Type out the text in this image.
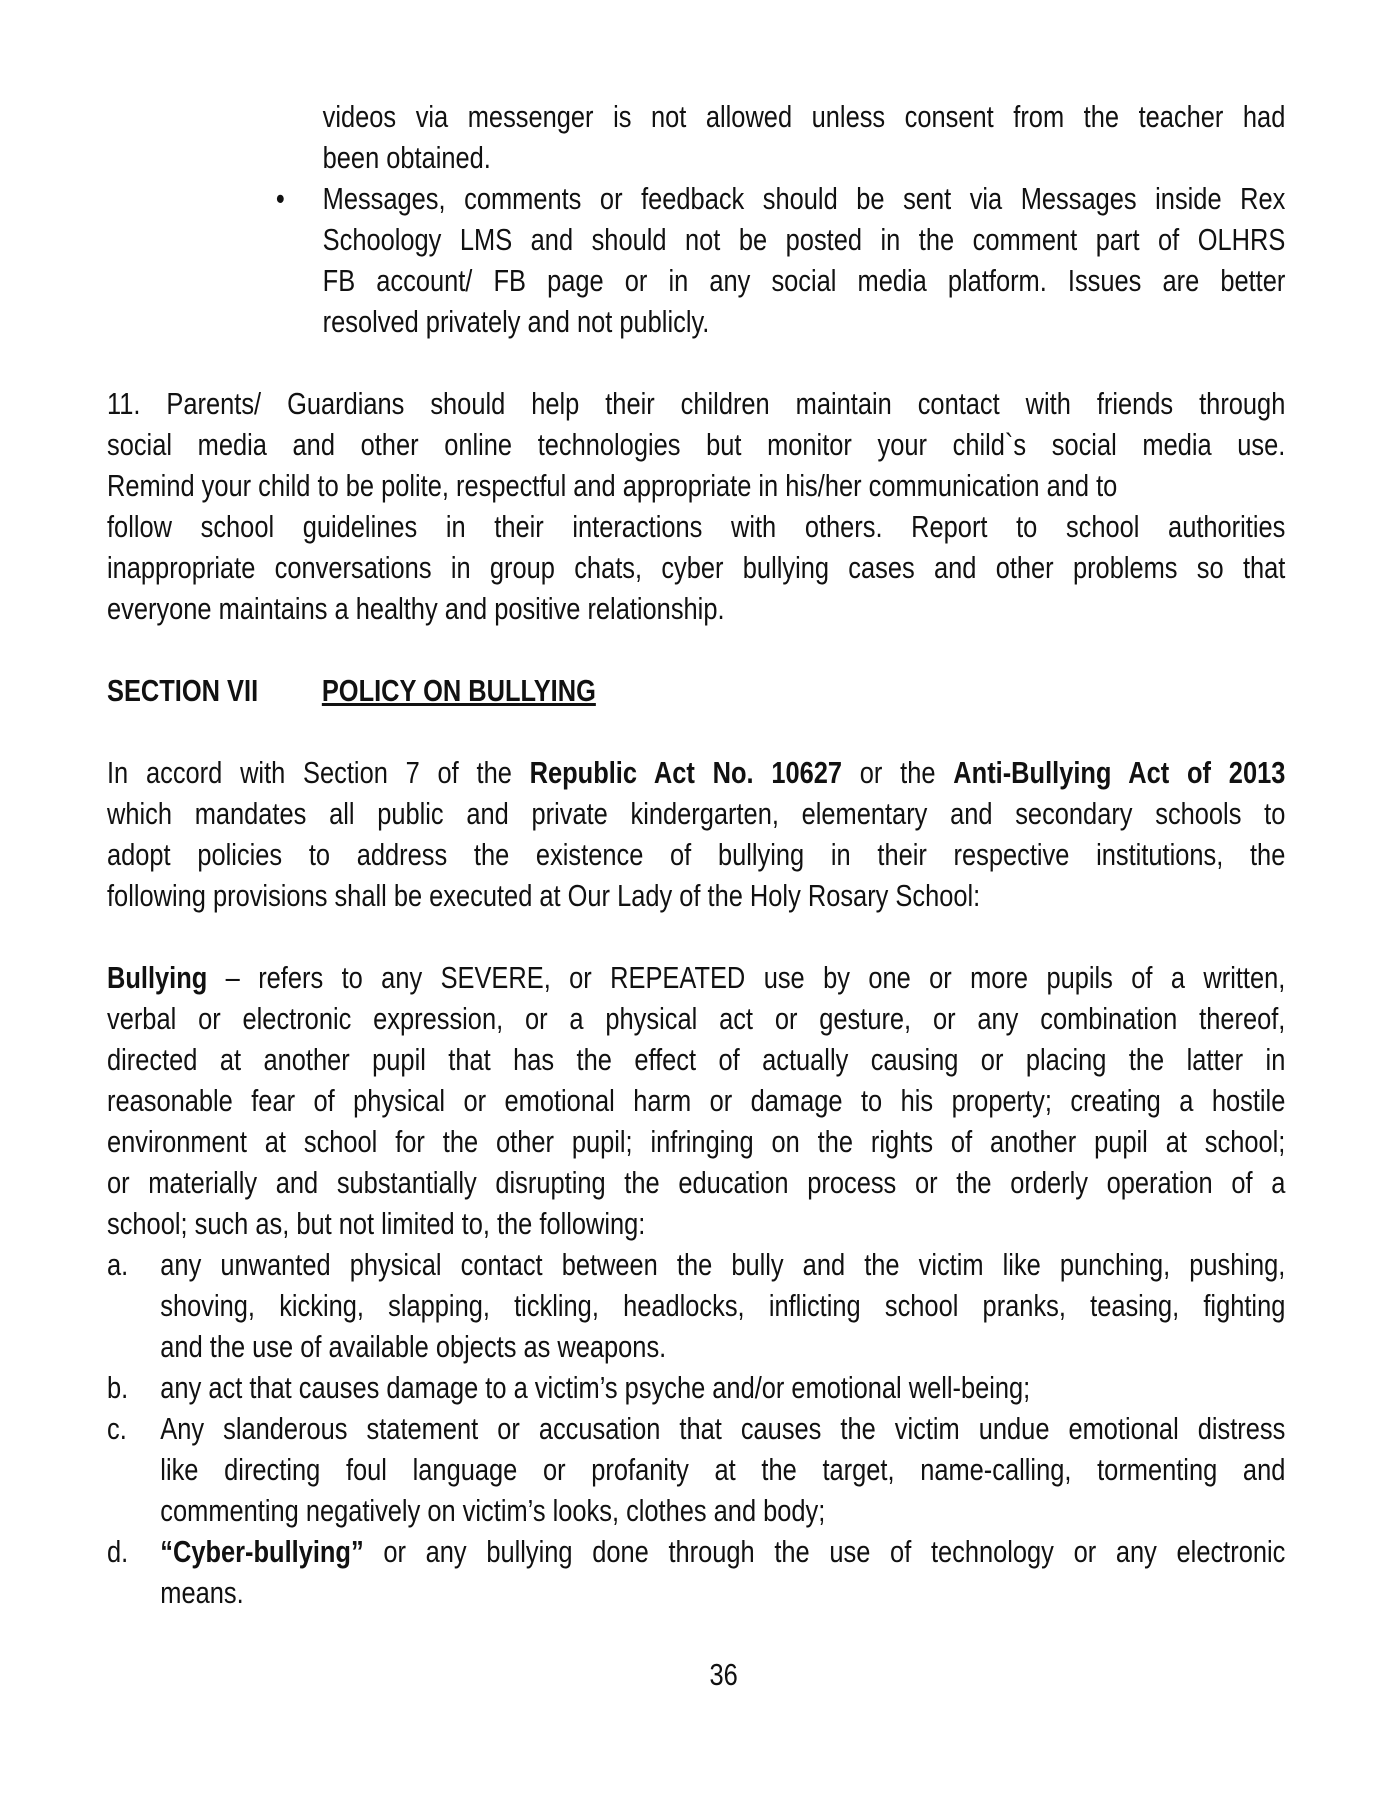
videos via messenger is not allowed unless consent from the teacher had
been obtained.
• Messages, comments or feedback should be sent via Messages inside Rex
Schoology LMS and should not be posted in the comment part of OLHRS
FB account/ FB page or in any social media platform. Issues are better
resolved privately and not publicly.
11. Parents/ Guardians should help their children maintain contact with friends through
social media and other online technologies but monitor your child`s social media use.
Remind your child to be polite, respectful and appropriate in his/her communication and to
follow school guidelines in their interactions with others. Report to school authorities
inappropriate conversations in group chats, cyber bullying cases and other problems so that
everyone maintains a healthy and positive relationship.
SECTION VII POLICY ON BULLYING
In accord with Section 7 of the Republic Act No. 10627 or the Anti-Bullying Act of 2013
which mandates all public and private kindergarten, elementary and secondary schools to
adopt policies to address the existence of bullying in their respective institutions, the
following provisions shall be executed at Our Lady of the Holy Rosary School:
Bullying – refers to any SEVERE, or REPEATED use by one or more pupils of a written,
verbal or electronic expression, or a physical act or gesture, or any combination thereof,
directed at another pupil that has the effect of actually causing or placing the latter in
reasonable fear of physical or emotional harm or damage to his property; creating a hostile
environment at school for the other pupil; infringing on the rights of another pupil at school;
or materially and substantially disrupting the education process or the orderly operation of a
school; such as, but not limited to, the following:
a. any unwanted physical contact between the bully and the victim like punching, pushing,
shoving, kicking, slapping, tickling, headlocks, inflicting school pranks, teasing, fighting
and the use of available objects as weapons.
b. any act that causes damage to a victim’s psyche and/or emotional well-being;
c. Any slanderous statement or accusation that causes the victim undue emotional distress
like directing foul language or profanity at the target, name-calling, tormenting and
commenting negatively on victim’s looks, clothes and body;
d. “Cyber-bullying” or any bullying done through the use of technology or any electronic
means.
36
